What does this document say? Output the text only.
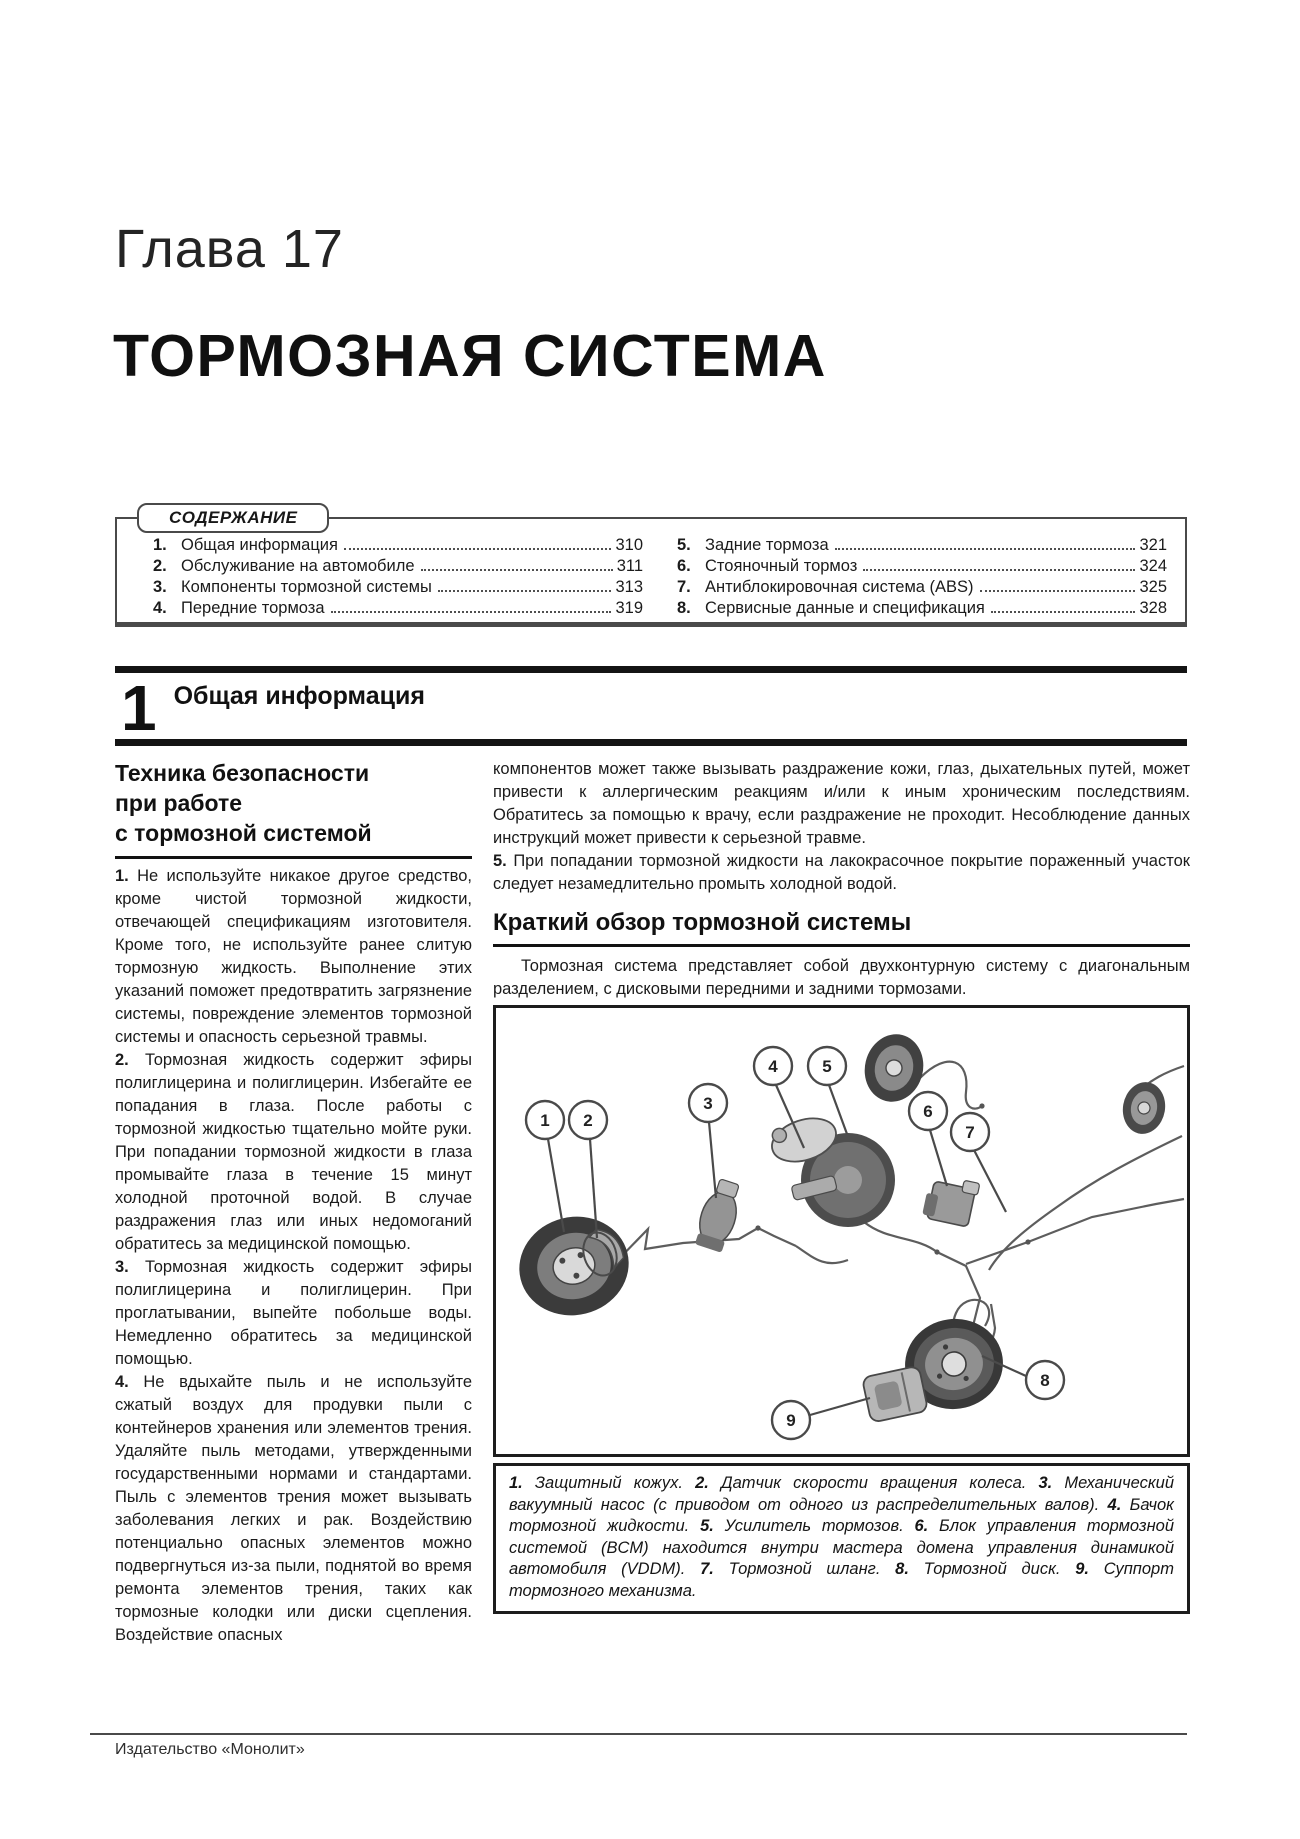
Глава 17
ТОРМОЗНАЯ СИСТЕМА
СОДЕРЖАНИЕ
1. Общая информация	310
2. Обслуживание на автомобиле	311
3. Компоненты тормозной системы	313
4. Передние тормоза	319
5. Задние тормоза	321
6. Стояночный тормоз	324
7. Антиблокировочная система (ABS)	325
8. Сервисные данные и спецификация	328
1 Общая информация
Техника безопасности
при работе
с тормозной системой

1. Не используйте никакое другое средство, кроме чистой тормозной жидкости, отвечающей спецификациям изготовителя. Кроме того, не используйте ранее слитую тормозную жидкость. Выполнение этих указаний поможет предотвратить загрязнение системы, повреждение элементов тормозной системы и опасность серьезной травмы.

2. Тормозная жидкость содержит эфиры полиглицерина и полиглицерин. Избегайте ее попадания в глаза. После работы с тормозной жидкостью тщательно мойте руки. При попадании тормозной жидкости в глаза промывайте глаза в течение 15 минут холодной проточной водой. В случае раздражения глаз или иных недомоганий обратитесь за медицинской помощью.

3. Тормозная жидкость содержит эфиры полиглицерина и полиглицерин. При проглатывании, выпейте побольше воды. Немедленно обратитесь за медицинской помощью.

4. Не вдыхайте пыль и не используйте сжатый воздух для продувки пыли с контейнеров хранения или элементов трения. Удаляйте пыль методами, утвержденными государственными нормами и стандартами. Пыль с элементов трения может вызывать заболевания легких и рак. Воздействию потенциально опасных элементов можно подвергнуться из-за пыли, поднятой во время ремонта элементов трения, таких как тормозные колодки или диски сцепления. Воздействие опасных

компонентов может также вызывать раздражение кожи, глаз, дыхательных путей, может привести к аллергическим реакциям и/или к иным хроническим последствиям. Обратитесь за помощью к врачу, если раздражение не проходит. Несоблюдение данных инструкций может привести к серьезной травме.

5. При попадании тормозной жидкости на лакокрасочное покрытие пораженный участок следует незамедлительно промыть холодной водой.

Краткий обзор тормозной системы

Тормозная система представляет собой двухконтурную систему с диагональным разделением, с дисковыми передними и задними тормозами.

1 2
3
4	5
6
7
8
9
1. Защитный кожух. 2. Датчик скорости вращения колеса. 3. Механический вакуумный насос (с приводом от одного из распределительных валов). 4. Бачок тормозной жидкости. 5. Усилитель тормозов. 6. Блок управления тормозной системой (BCM) находится внутри мастера домена управления динамикой автомобиля (VDDM). 7. Тормозной шланг. 8. Тормозной диск. 9. Суппорт тормозного механизма.
Издательство «Монолит»
